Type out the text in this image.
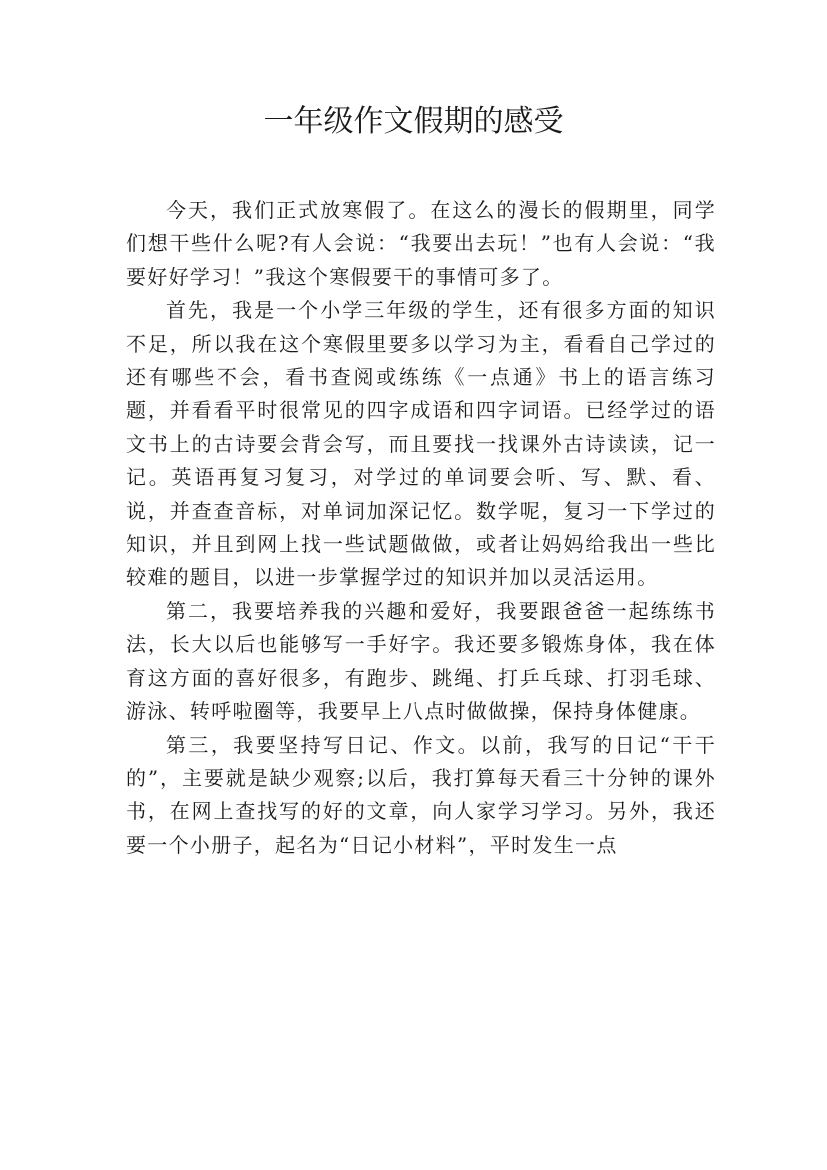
一年级作文假期的感受

今天，我们正式放寒假了。在这么的漫长的假期里，同学们想干些什么呢?有人会说：“我要出去玩！”也有人会说：“我要好好学习！”我这个寒假要干的事情可多了。

首先，我是一个小学三年级的学生，还有很多方面的知识不足，所以我在这个寒假里要多以学习为主，看看自己学过的还有哪些不会，看书查阅或练练《一点通》书上的语言练习题，并看看平时很常见的四字成语和四字词语。已经学过的语文书上的古诗要会背会写，而且要找一找课外古诗读读，记一记。英语再复习复习，对学过的单词要会听、写、默、看、说，并查查音标，对单词加深记忆。数学呢，复习一下学过的知识，并且到网上找一些试题做做，或者让妈妈给我出一些比较难的题目，以进一步掌握学过的知识并加以灵活运用。

第二，我要培养我的兴趣和爱好，我要跟爸爸一起练练书法，长大以后也能够写一手好字。我还要多锻炼身体，我在体育这方面的喜好很多，有跑步、跳绳、打乒乓球、打羽毛球、游泳、转呼啦圈等，我要早上八点时做做操，保持身体健康。

第三，我要坚持写日记、作文。以前，我写的日记“干干的”，主要就是缺少观察;以后，我打算每天看三十分钟的课外书，在网上查找写的好的文章，向人家学习学习。另外，我还要一个小册子，起名为“日记小材料”，平时发生一点
